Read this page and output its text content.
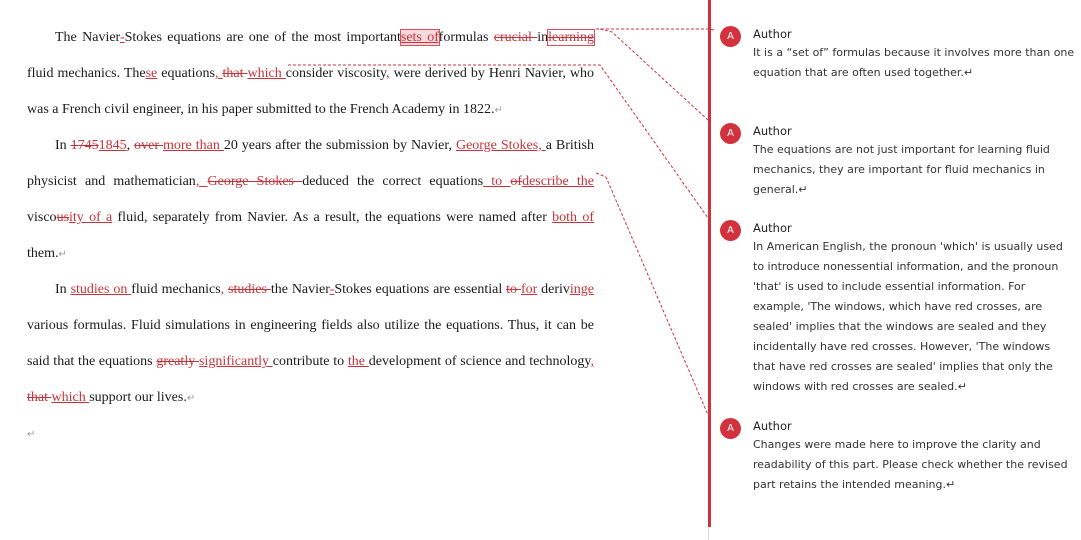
The Navier-Stokes equations are one of the most importantsets offormulas crucial inlearning fluid mechanics. These equations, that which consider viscosity, were derived by Henri Navier, who was a French civil engineer, in his paper submitted to the French Academy in 1822.↵
In 17451845, over more than 20 years after the submission by Navier, George Stokes, a British physicist and mathematician, George Stokes deduced the correct equations to ofdescribe the viscousity of a fluid, separately from Navier. As a result, the equations were named after both of them.↵
In studies on fluid mechanics, studies the Navier-Stokes equations are essential to for derivinge various formulas. Fluid simulations in engineering fields also utilize the equations. Thus, it can be said that the equations greatly significantly contribute to the development of science and technology, that which support our lives.↵
↵
A	Author
It is a “set of” formulas because it involves more than one equation that are often used together.↵
A	Author
The equations are not just important for learning fluid mechanics, they are important for fluid mechanics in general.↵
A	Author
In American English, the pronoun 'which' is usually used to introduce nonessential information, and the pronoun 'that' is used to include essential information. For example, 'The windows, which have red crosses, are sealed' implies that the windows are sealed and they incidentally have red crosses. However, 'The windows that have red crosses are sealed' implies that only the windows with red crosses are sealed.↵
A	Author
Changes were made here to improve the clarity and readability of this part. Please check whether the revised part retains the intended meaning.↵
